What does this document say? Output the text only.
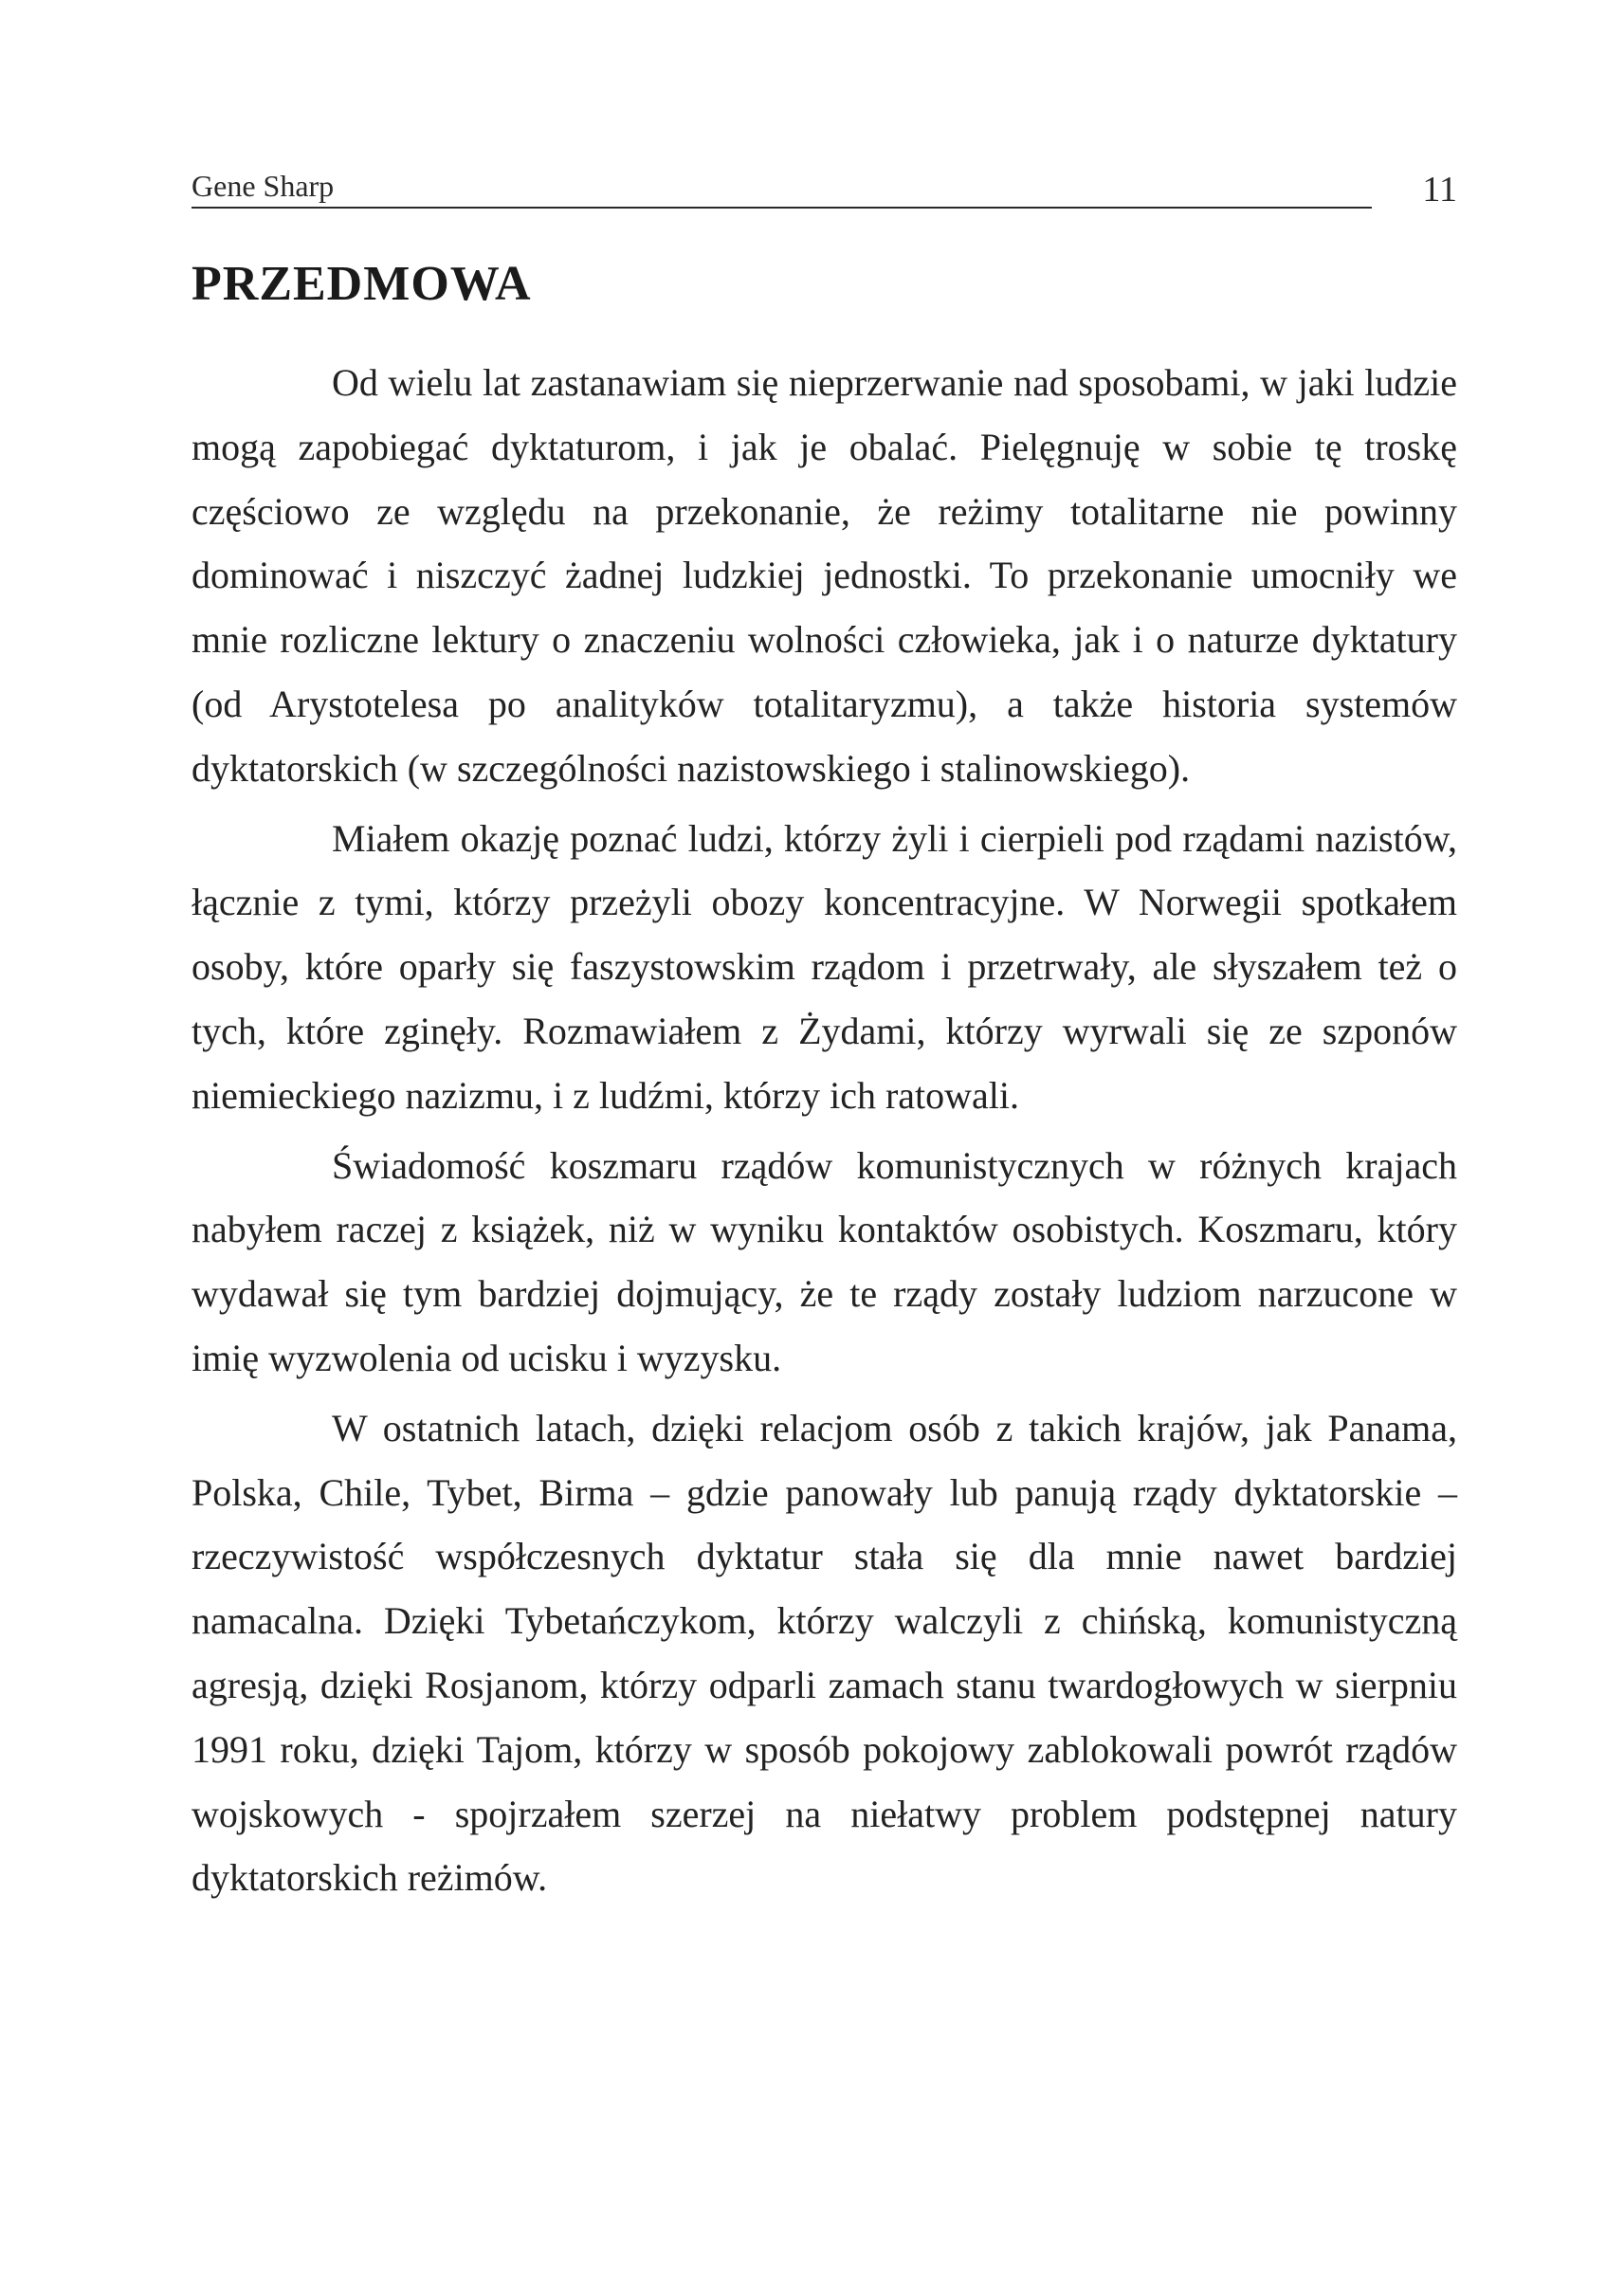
Gene Sharp	11
PRZEDMOWA

Od wielu lat zastanawiam się nieprzerwanie nad sposobami, w jaki ludzie mogą zapobiegać dyktaturom, i jak je obalać. Pielęgnuję w sobie tę troskę częściowo ze względu na przekonanie, że reżimy totalitarne nie powinny dominować i niszczyć żadnej ludzkiej jednostki. To przekonanie umocniły we mnie rozliczne lektury o znaczeniu wolności człowieka, jak i o naturze dyktatury (od Arystotelesa po analityków totalitaryzmu), a także historia systemów dyktatorskich (w szczególności nazistowskiego i stalinowskiego).

Miałem okazję poznać ludzi, którzy żyli i cierpieli pod rządami nazistów, łącznie z tymi, którzy przeżyli obozy koncentracyjne. W Norwegii spotkałem osoby, które oparły się faszystowskim rządom i przetrwały, ale słyszałem też o tych, które zginęły. Rozmawiałem z Żydami, którzy wyrwali się ze szponów niemieckiego nazizmu, i z ludźmi, którzy ich ratowali.

Świadomość koszmaru rządów komunistycznych w różnych krajach nabyłem raczej z książek, niż w wyniku kontaktów osobistych. Koszmaru, który wydawał się tym bardziej dojmujący, że te rządy zostały ludziom narzucone w imię wyzwolenia od ucisku i wyzysku.

W ostatnich latach, dzięki relacjom osób z takich krajów, jak Panama, Polska, Chile, Tybet, Birma – gdzie panowały lub panują rządy dyktatorskie – rzeczywistość współczesnych dyktatur stała się dla mnie nawet bardziej namacalna. Dzięki Tybetańczykom, którzy walczyli z chińską, komunistyczną agresją, dzięki Rosjanom, którzy odparli zamach stanu twardogłowych w sierpniu 1991 roku, dzięki Tajom, którzy w sposób pokojowy zablokowali powrót rządów wojskowych - spojrzałem szerzej na niełatwy problem podstępnej natury dyktatorskich reżimów.
